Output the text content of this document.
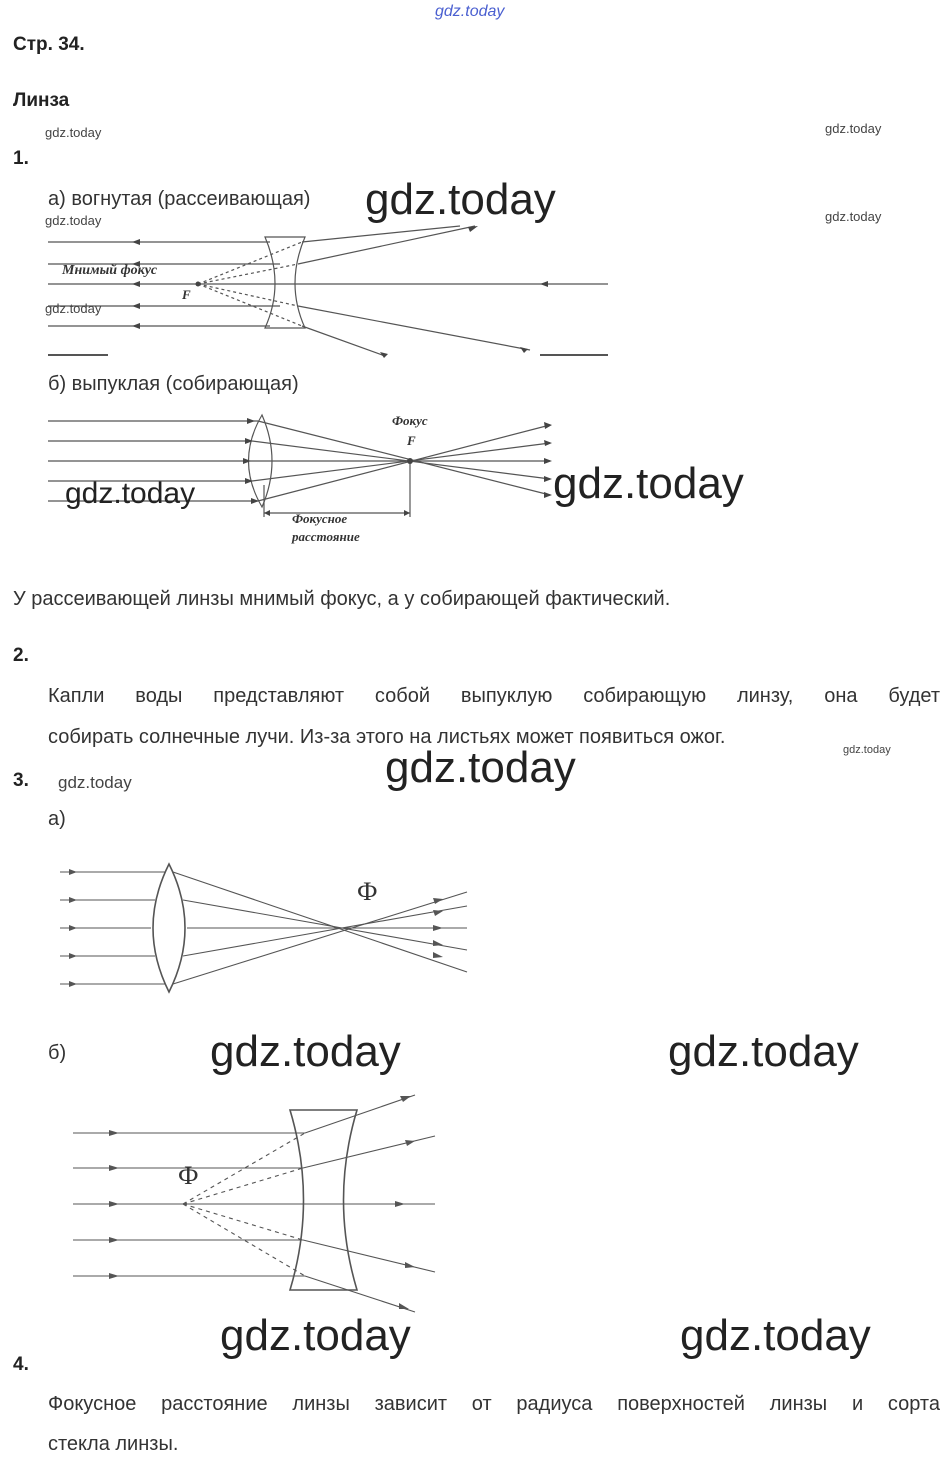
gdz.today
Стр. 34.
Линза
gdz.today	gdz.today
1.
а) вогнутая (рассеивающая) gdz.today
gdz.today	gdz.today
Мнимый фокус
F
gdz.today
б) выпуклая (собирающая)
Фокус
F
Фокусное
расстояние
gdz.today	gdz.today
У рассеивающей линзы мнимый фокус, а у собирающей фактический.
2.
Капли воды представляют собой выпуклую собирающую линзу, она будет
собирать солнечные лучи. Из-за этого на листьях может появиться ожог.
gdz.today
gdz.today
3. gdz.today
а)
Ф
б)	gdz.today	gdz.today
Ф
gdz.today	gdz.today
4.
Фокусное расстояние линзы зависит от радиуса поверхностей линзы и сорта
стекла линзы.
